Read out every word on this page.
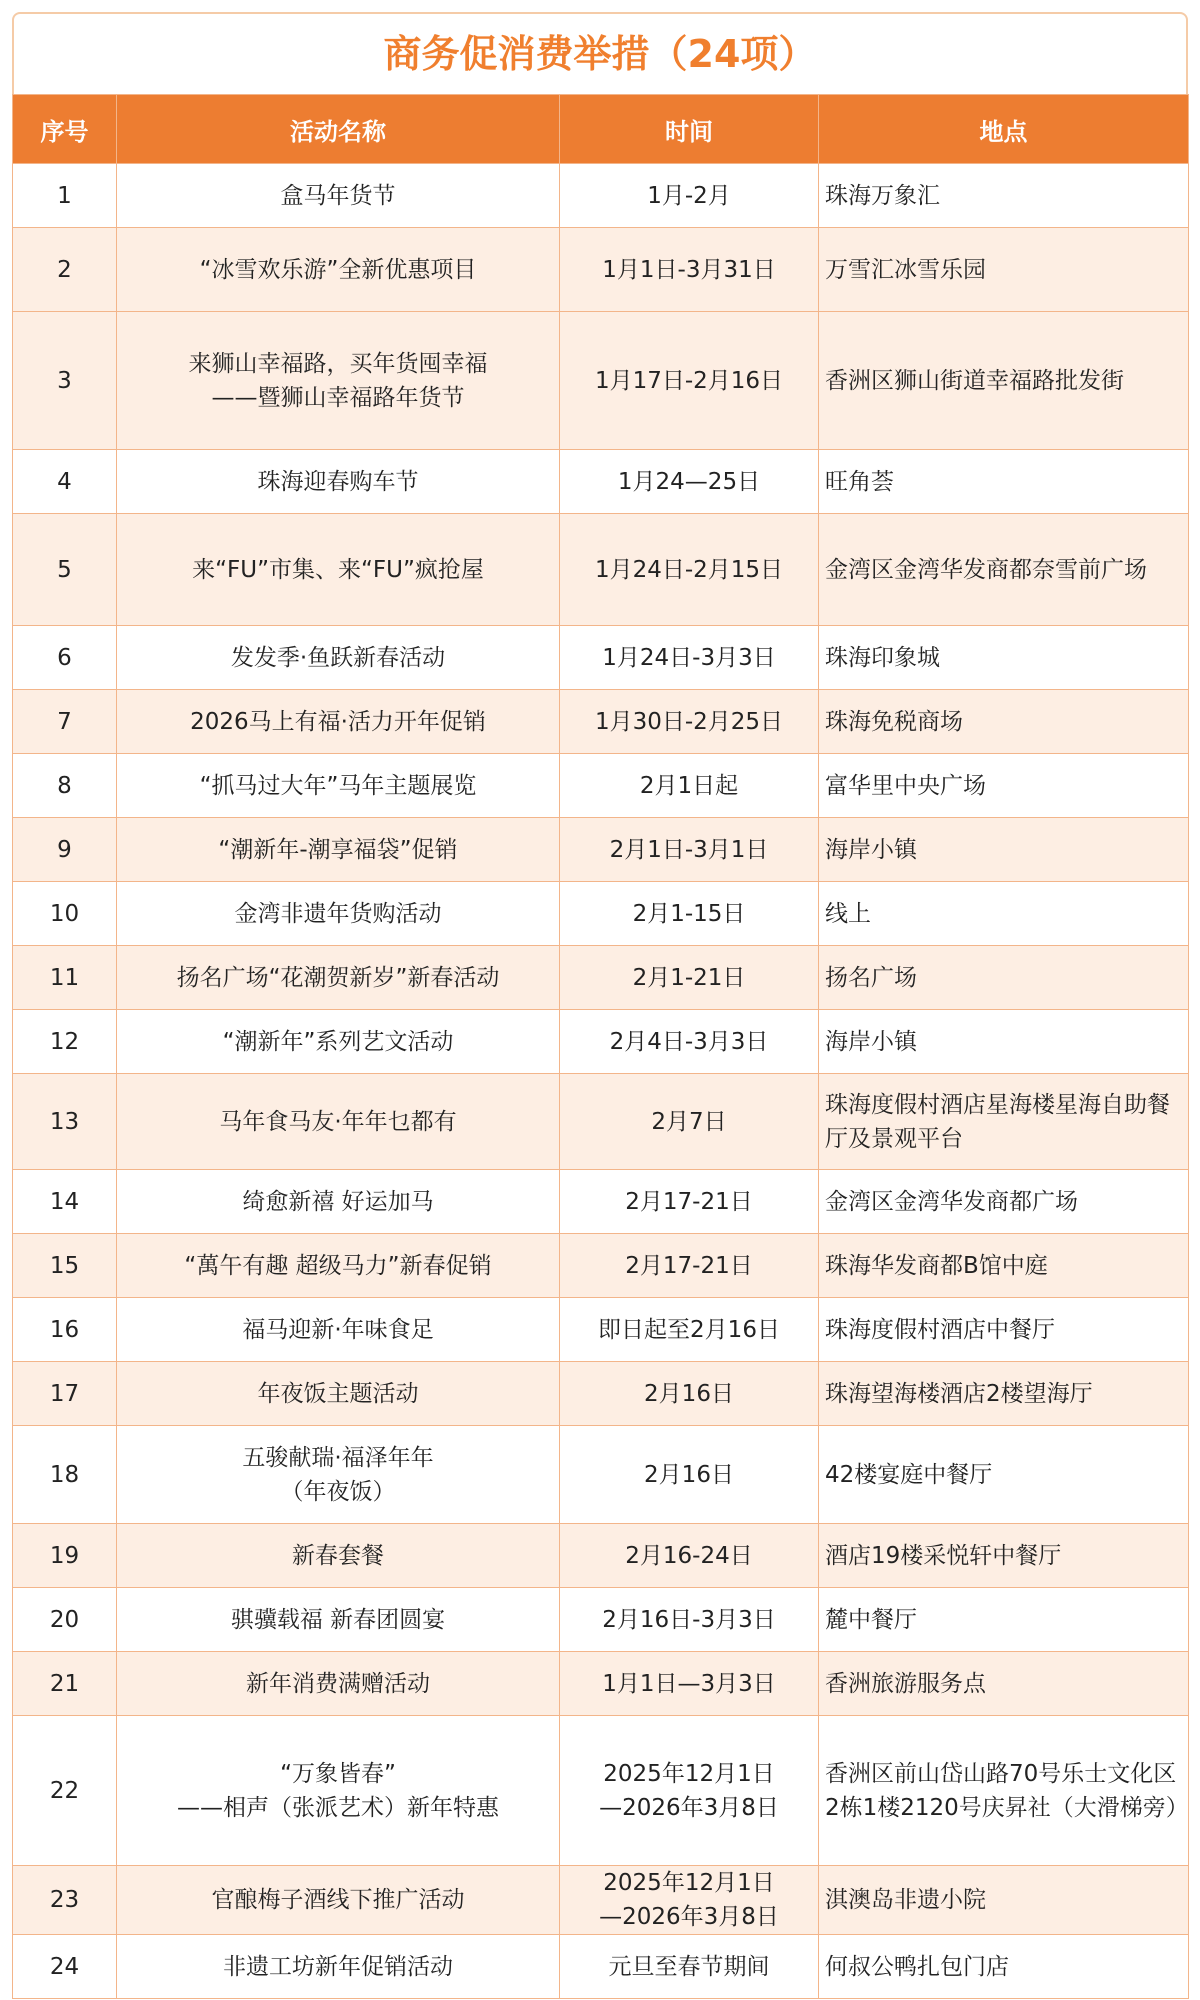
商务促消费举措（24项）
序号	活动名称	时间	地点
1	盒马年货节	1月-2月	珠海万象汇
2	“冰雪欢乐游”全新优惠项目	1月1日-3月31日	万雪汇冰雪乐园
3	来狮山幸福路，买年货囤幸福
——暨狮山幸福路年货节	1月17日-2月16日	香洲区狮山街道幸福路批发街
4	珠海迎春购车节	1月24—25日	旺角荟
5	来“FU”市集、来“FU”疯抢屋	1月24日-2月15日	金湾区金湾华发商都奈雪前广场
6	发发季·鱼跃新春活动	1月24日-3月3日	珠海印象城
7	2026马上有福·活力开年促销	1月30日-2月25日	珠海免税商场
8	“抓马过大年”马年主题展览	2月1日起	富华里中央广场
9	“潮新年-潮享福袋”促销	2月1日-3月1日	海岸小镇
10	金湾非遗年货购活动	2月1-15日	线上
11	扬名广场“花潮贺新岁”新春活动	2月1-21日	扬名广场
12	“潮新年”系列艺文活动	2月4日-3月3日	海岸小镇
13	马年食马友·年年乜都有	2月7日	珠海度假村酒店星海楼星海自助餐厅及景观平台
14	绮愈新禧 好运加马	2月17-21日	金湾区金湾华发商都广场
15	“萬午有趣 超级马力”新春促销	2月17-21日	珠海华发商都B馆中庭
16	福马迎新·年味食足	即日起至2月16日	珠海度假村酒店中餐厅
17	年夜饭主题活动	2月16日	珠海望海楼酒店2楼望海厅
18	五骏献瑞·福泽年年
（年夜饭）	2月16日	42楼宴庭中餐厅
19	新春套餐	2月16-24日	酒店19楼采悦轩中餐厅
20	骐骥载福 新春团圆宴	2月16日-3月3日	麓中餐厅
21	新年消费满赠活动	1月1日—3月3日	香洲旅游服务点
22	“万象皆春”
——相声（张派艺术）新年特惠	2025年12月1日
—2026年3月8日	香洲区前山岱山路70号乐士文化区2栋1楼2120号庆昇社（大滑梯旁）
23	官酿梅子酒线下推广活动	2025年12月1日
—2026年3月8日	淇澳岛非遗小院
24	非遗工坊新年促销活动	元旦至春节期间	何叔公鸭扎包门店
